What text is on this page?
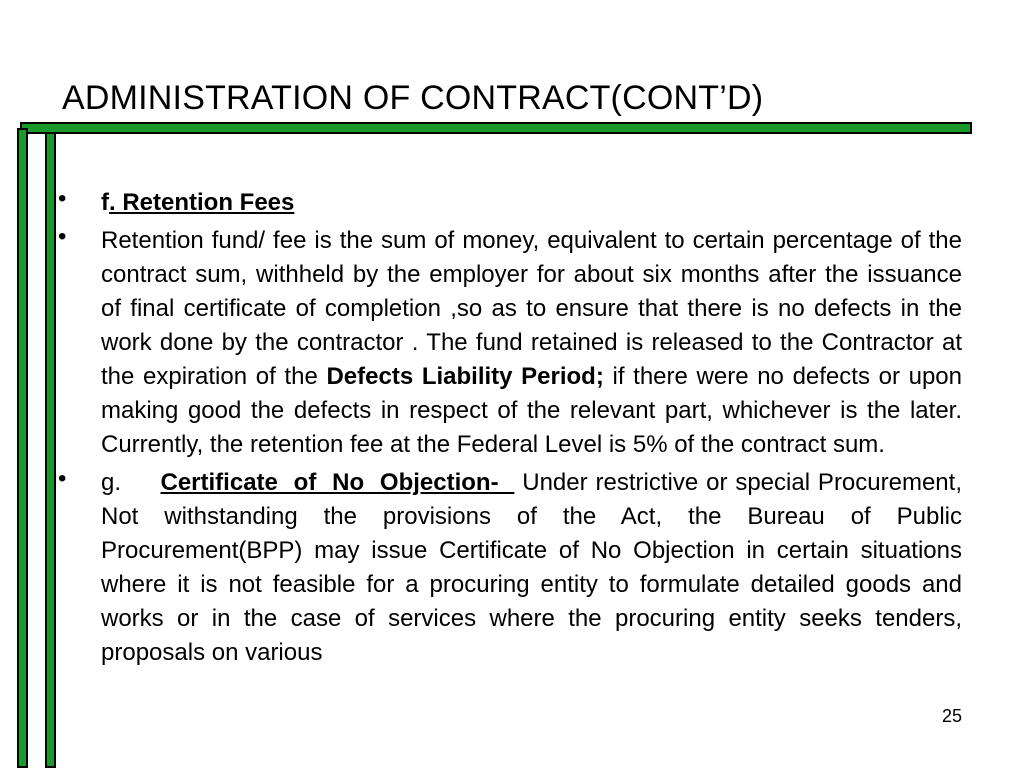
ADMINISTRATION OF CONTRACT(CONT’D)
• f. Retention Fees
• Retention fund/ fee is the sum of money, equivalent to certain percentage of the contract sum, withheld by the employer for about six months after the issuance of final certificate of completion ,so as to ensure that there is no defects in the work done by the contractor . The fund retained is released to the Contractor at the expiration of the Defects Liability Period; if there were no defects or upon making good the defects in respect of the relevant part, whichever is the later. Currently, the retention fee at the Federal Level is 5% of the contract sum.
• g.     Certificate  of  No  Objection-   Under restrictive or special Procurement, Not withstanding the provisions of the Act, the Bureau of Public Procurement(BPP) may issue Certificate of No Objection in certain situations where it is not feasible for a procuring entity to formulate detailed goods and works or in the case of services where the procuring entity seeks tenders, proposals on various
25
